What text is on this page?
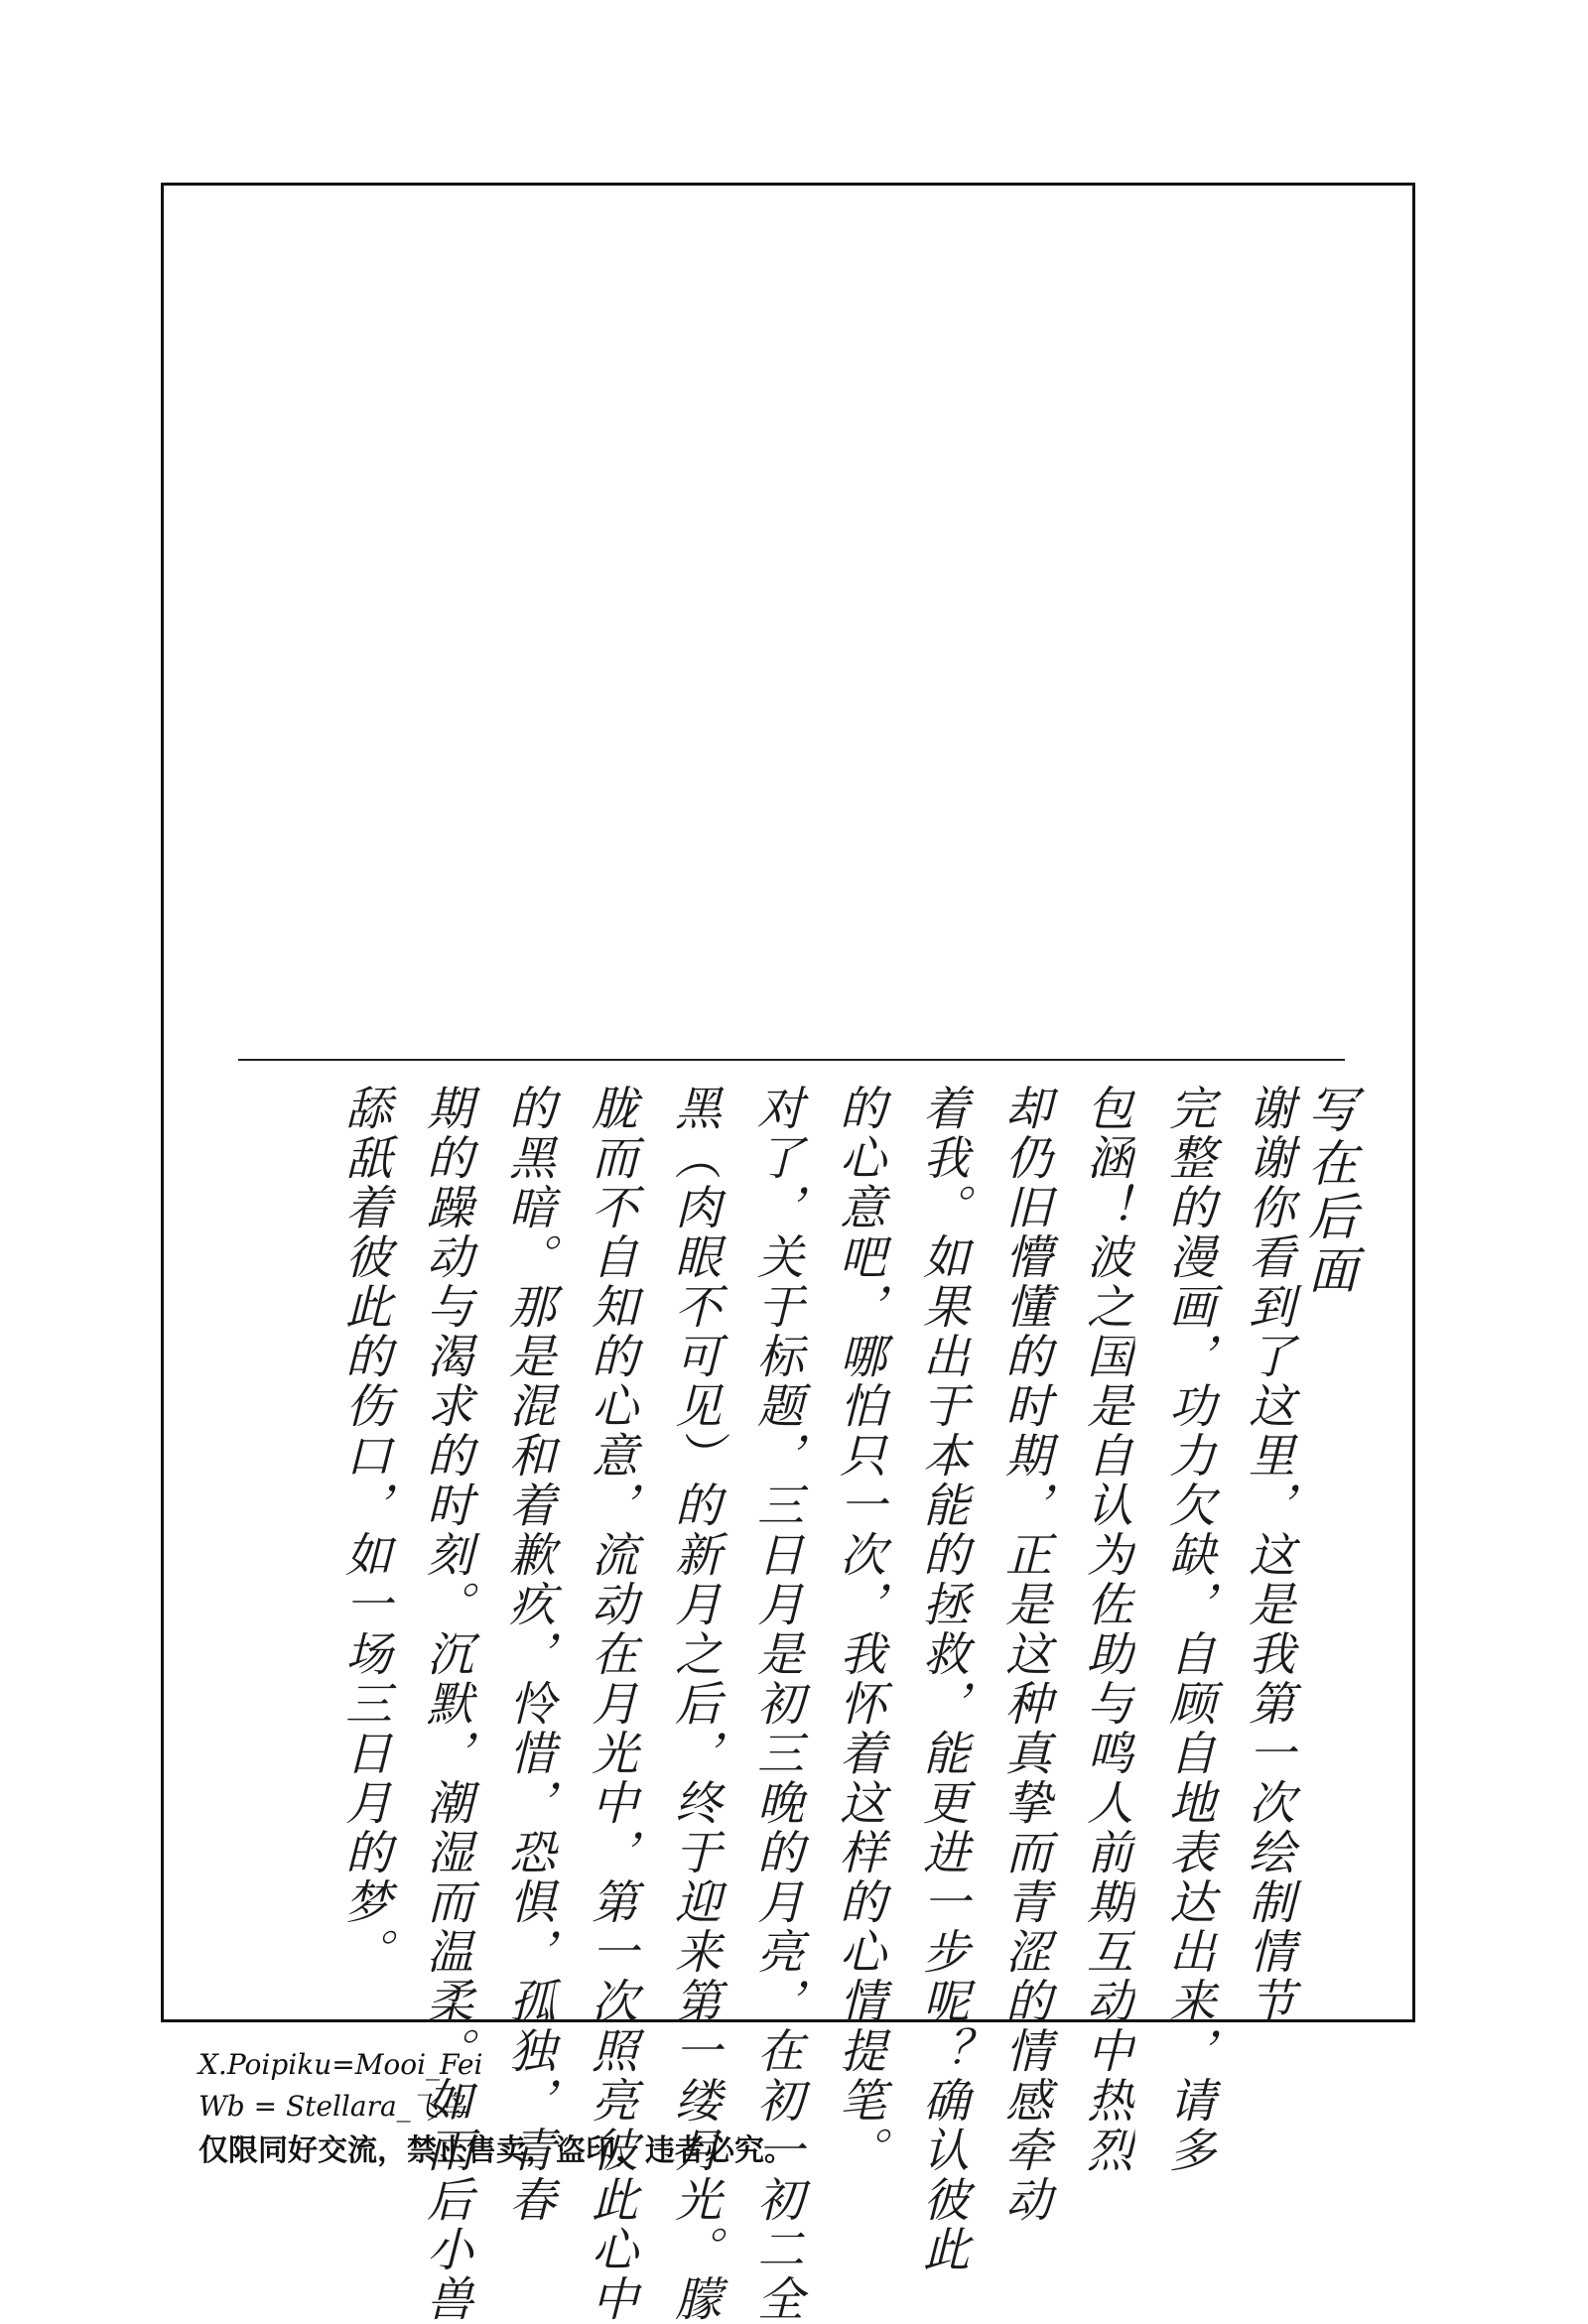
写在后面
谢谢你看到了这里，这是我第一次绘制情节
完整的漫画，功力欠缺，自顾自地表达出来，请多
包涵！波之国是自认为佐助与鸣人前期互动中热烈
却仍旧懵懂的时期，正是这种真挚而青涩的情感牵动
着我。如果出于本能的拯救，能更进一步呢？确认彼此
的心意吧，哪怕只一次，我怀着这样的心情提笔。
对了，关于标题，三日月是初三晚的月亮，在初一初二全
黑（肉眼不可见）的新月之后，终于迎来第一缕月光。朦
胧而不自知的心意，流动在月光中，第一次照亮彼此心中
的黑暗。那是混和着歉疚，怜惜，恐惧，孤独，青春
期的躁动与渴求的时刻。沉默，潮湿而温柔。如雨后小兽
舔舐着彼此的伤口，如一场三日月的梦。
X.Poipiku=Mooi_Fei
Wb = Stellara_飞鸟
仅限同好交流，禁止售卖，盗印，违者必究。
